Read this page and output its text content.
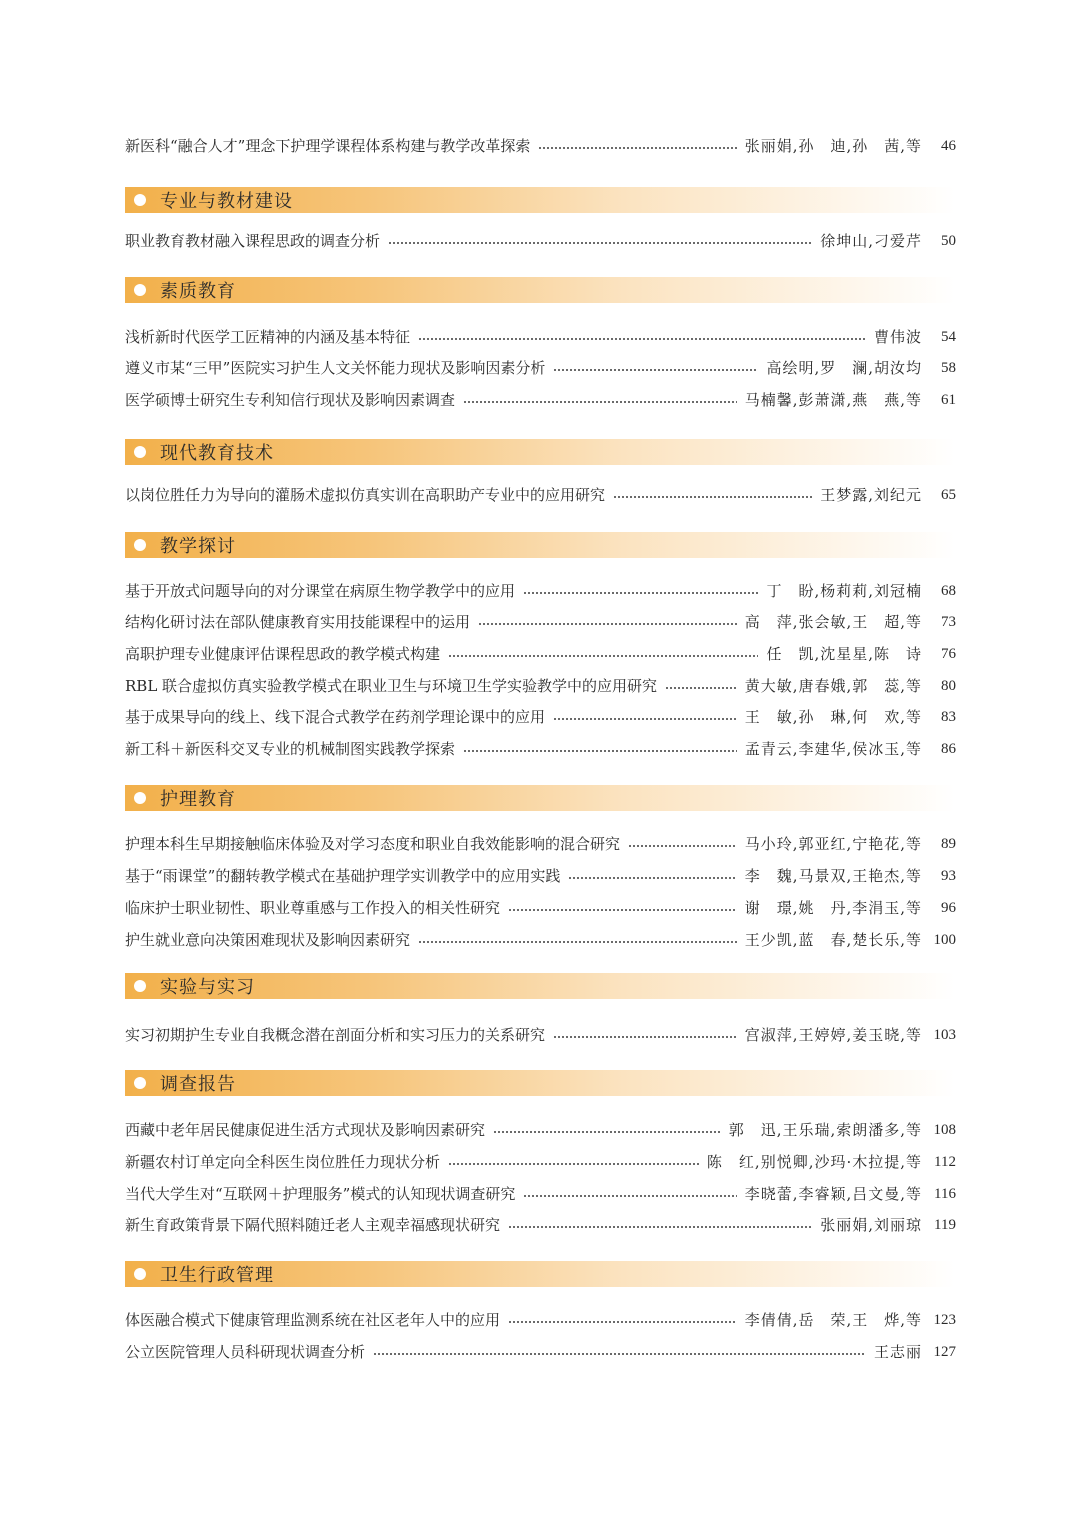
新医科“融合人才”理念下护理学课程体系构建与教学改革探索	张丽娟,孙　迪,孙　茜,等	46
专业与教材建设
职业教育教材融入课程思政的调查分析	徐坤山,刁爱芹	50
素质教育
浅析新时代医学工匠精神的内涵及基本特征	曹伟波	54
遵义市某“三甲”医院实习护生人文关怀能力现状及影响因素分析	高绘明,罗　澜,胡汝均	58
医学硕博士研究生专利知信行现状及影响因素调查	马楠馨,彭萧潇,燕　燕,等	61
现代教育技术
以岗位胜任力为导向的灌肠术虚拟仿真实训在高职助产专业中的应用研究	王梦露,刘纪元	65
教学探讨
基于开放式问题导向的对分课堂在病原生物学教学中的应用	丁　盼,杨莉莉,刘冠楠	68
结构化研讨法在部队健康教育实用技能课程中的运用	高　萍,张会敏,王　超,等	73
高职护理专业健康评估课程思政的教学模式构建	任　凯,沈星星,陈　诗	76
RBL 联合虚拟仿真实验教学模式在职业卫生与环境卫生学实验教学中的应用研究	黄大敏,唐春娥,郭　蕊,等	80
基于成果导向的线上、线下混合式教学在药剂学理论课中的应用	王　敏,孙　琳,何　欢,等	83
新工科＋新医科交叉专业的机械制图实践教学探索	孟青云,李建华,侯冰玉,等	86
护理教育
护理本科生早期接触临床体验及对学习态度和职业自我效能影响的混合研究	马小玲,郭亚红,宁艳花,等	89
基于“雨课堂”的翻转教学模式在基础护理学实训教学中的应用实践	李　魏,马景双,王艳杰,等	93
临床护士职业韧性、职业尊重感与工作投入的相关性研究	谢　璟,姚　丹,李涓玉,等	96
护生就业意向决策困难现状及影响因素研究	王少凯,蓝　春,楚长乐,等 100
实验与实习
实习初期护生专业自我概念潜在剖面分析和实习压力的关系研究	宫淑萍,王婷婷,姜玉晓,等 103
调查报告
西藏中老年居民健康促进生活方式现状及影响因素研究	郭　迅,王乐瑞,索朗潘多,等 108
新疆农村订单定向全科医生岗位胜任力现状分析	陈　红,别悦卿,沙玛·木拉提,等 112
当代大学生对“互联网＋护理服务”模式的认知现状调查研究	李晓蕾,李睿颖,吕文曼,等 116
新生育政策背景下隔代照料随迁老人主观幸福感现状研究	张丽娟,刘丽琼 119
卫生行政管理
体医融合模式下健康管理监测系统在社区老年人中的应用	李倩倩,岳　荣,王　烨,等 123
公立医院管理人员科研现状调查分析	王志丽 127
